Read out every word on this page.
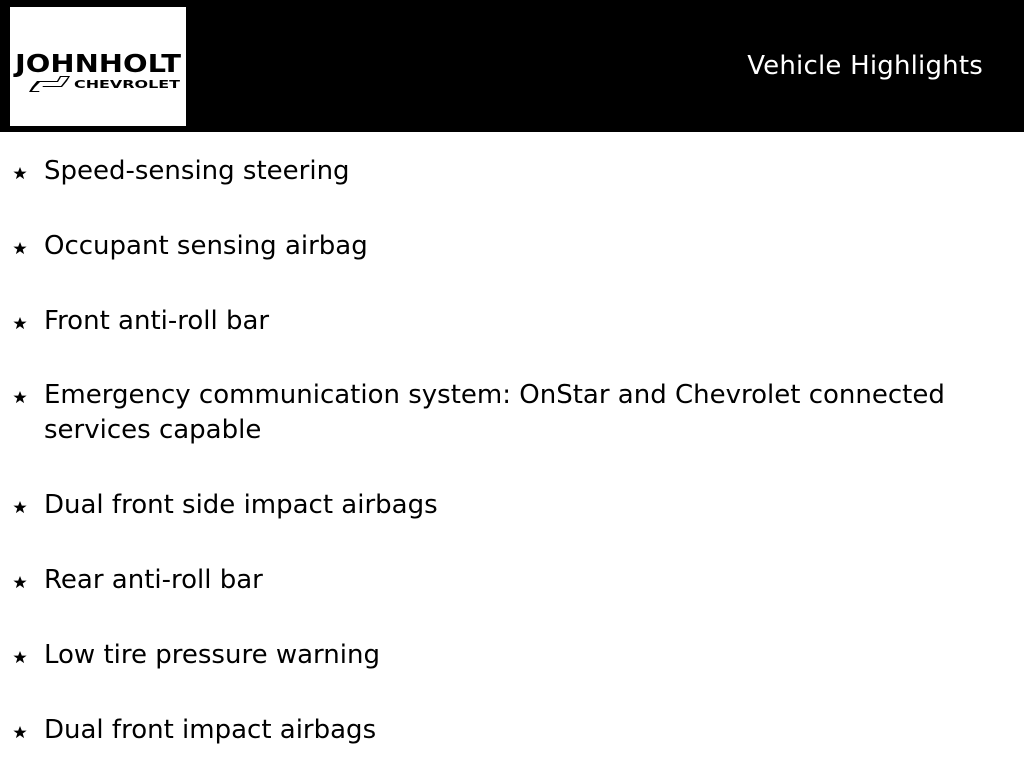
JOHNHOLT
CHEVROLET
Vehicle Highlights
Speed-sensing steering
Occupant sensing airbag
Front anti-roll bar
Emergency communication system: OnStar and Chevrolet connected services capable
Dual front side impact airbags
Rear anti-roll bar
Low tire pressure warning
Dual front impact airbags
